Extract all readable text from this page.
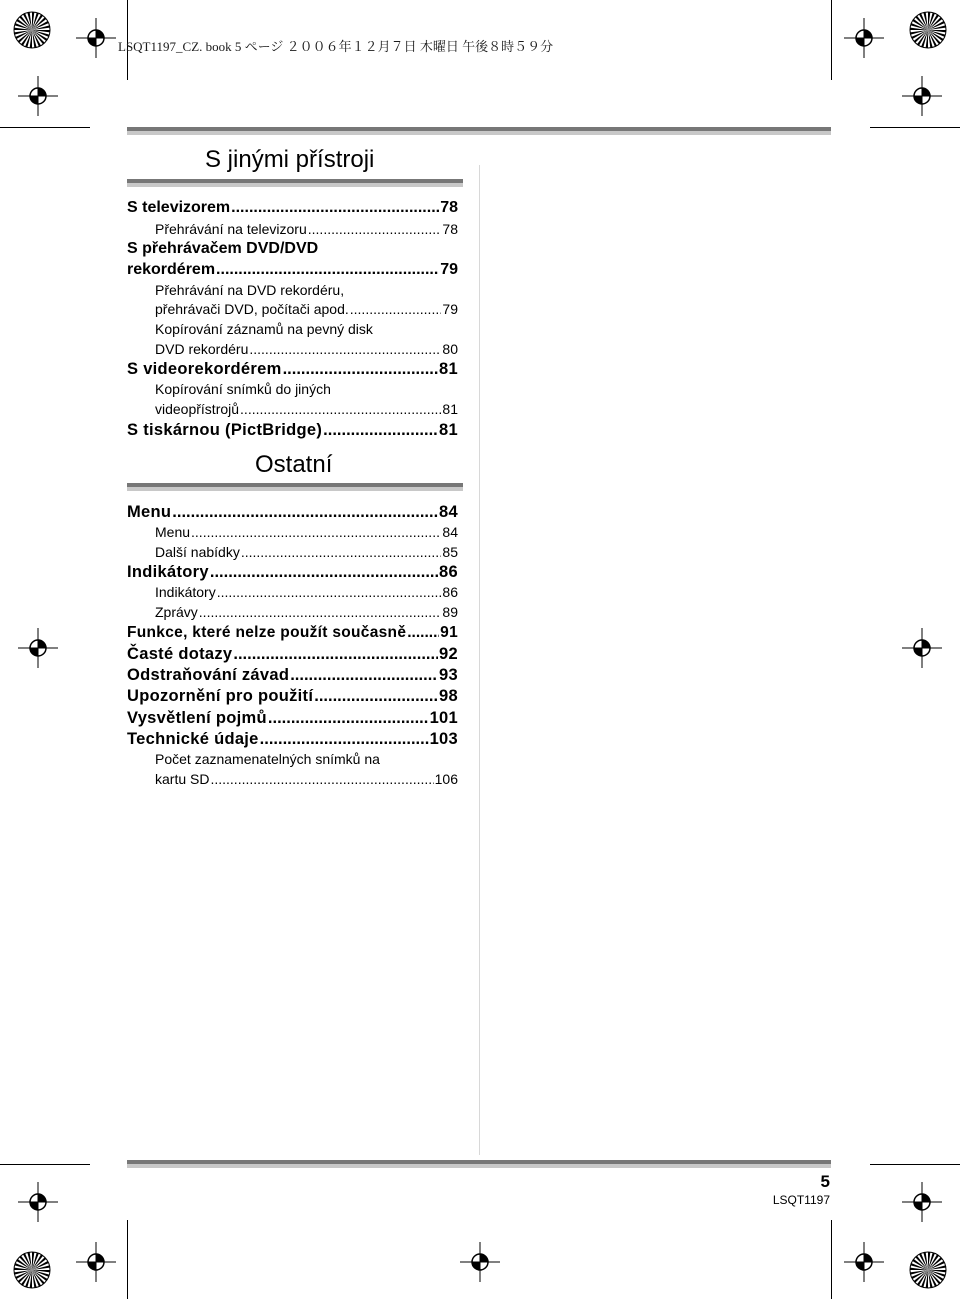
LSQT1197_CZ. book 5 ページ ２００６年１２月７日 木曜日 午後８時５９分
S jinými přístroji
S televizorem .....	78
Přehrávání na televizoru .....	78
S přehrávačem DVD/DVD
rekordérem .....	79
Přehrávání na DVD rekordéru,
přehrávači DVD, počítači apod. .....	79
Kopírování záznamů na pevný disk
DVD rekordéru .....	80
S videorekordérem .....	81
Kopírování snímků do jiných
videopřístrojů .....	81
S tiskárnou (PictBridge) .....	81
Ostatní
Menu .....	84
Menu .....	84
Další nabídky .....	85
Indikátory .....	86
Indikátory .....	86
Zprávy .....	89
Funkce, které nelze použít současně ..... 91
Časté dotazy .....	92
Odstraňování závad .....	93
Upozornění pro použití .....	98
Vysvětlení pojmů .....	101
Technické údaje .....	103
Počet zaznamenatelných snímků na
kartu SD .....	106
5
LSQT1197
